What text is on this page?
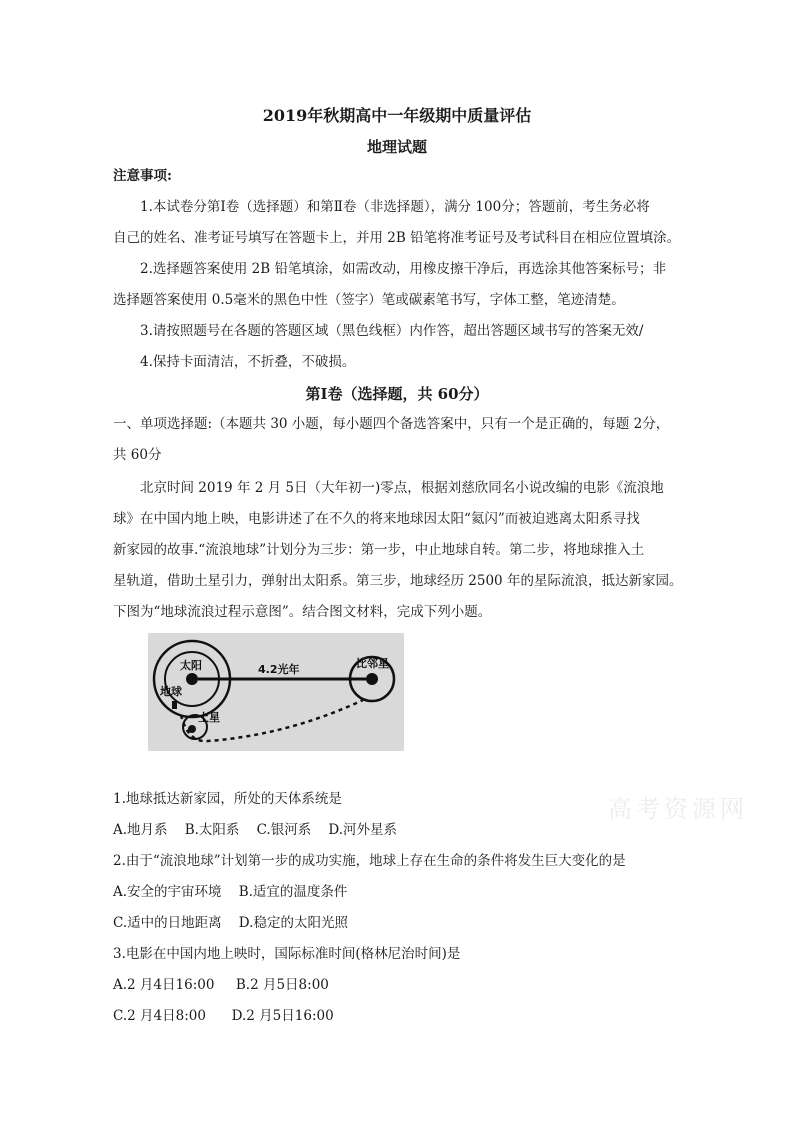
2019年秋期高中一年级期中质量评估
地理试题
注意事项:
1.本试卷分第Ⅰ卷（选择题）和第Ⅱ卷（非选择题），满分 100分；答题前，考生务必将
自己的姓名、准考证号填写在答题卡上，并用 2B 铅笔将准考证号及考试科目在相应位置填涂。
2.选择题答案使用 2B 铅笔填涂，如需改动，用橡皮擦干净后，再选涂其他答案标号；非
选择题答案使用 0.5毫米的黑色中性（签字）笔或碳素笔书写，字体工整，笔迹清楚。
3.请按照题号在各题的答题区域（黑色线框）内作答，超出答题区域书写的答案无效/
4.保持卡面清洁，不折叠，不破损。
第Ⅰ卷（选择题，共 60分）
一、单项选择题:（本题共 30 小题，每小题四个备选答案中，只有一个是正确的，每题 2分，
共 60分
北京时间 2019 年 2 月 5日（大年初一)零点，根据刘慈欣同名小说改编的电影《流浪地
球》在中国内地上映，电影讲述了在不久的将来地球因太阳“氦闪”而被迫逃离太阳系寻找
新家园的故事.“流浪地球”计划分为三步：第一步，中止地球自转。第二步，将地球推入土
星轨道，借助土星引力，弹射出太阳系。第三步，地球经历 2500 年的星际流浪，抵达新家园。
下图为“地球流浪过程示意图”。结合图文材料，完成下列小题。
太阳	4.2光年	比邻星
地球
土星
高考资源网
1.地球抵达新家园，所处的天体系统是
A.地月系    B.太阳系    C.银河系    D.河外星系
2.由于“流浪地球”计划第一步的成功实施，地球上存在生命的条件将发生巨大变化的是
A.安全的宇宙环境    B.适宜的温度条件
C.适中的日地距离    D.稳定的太阳光照
3.电影在中国内地上映时，国际标准时间(格林尼治时间)是
A.2 月4日16:00     B.2 月5日8:00
C.2 月4日8:00      D.2 月5日16:00
